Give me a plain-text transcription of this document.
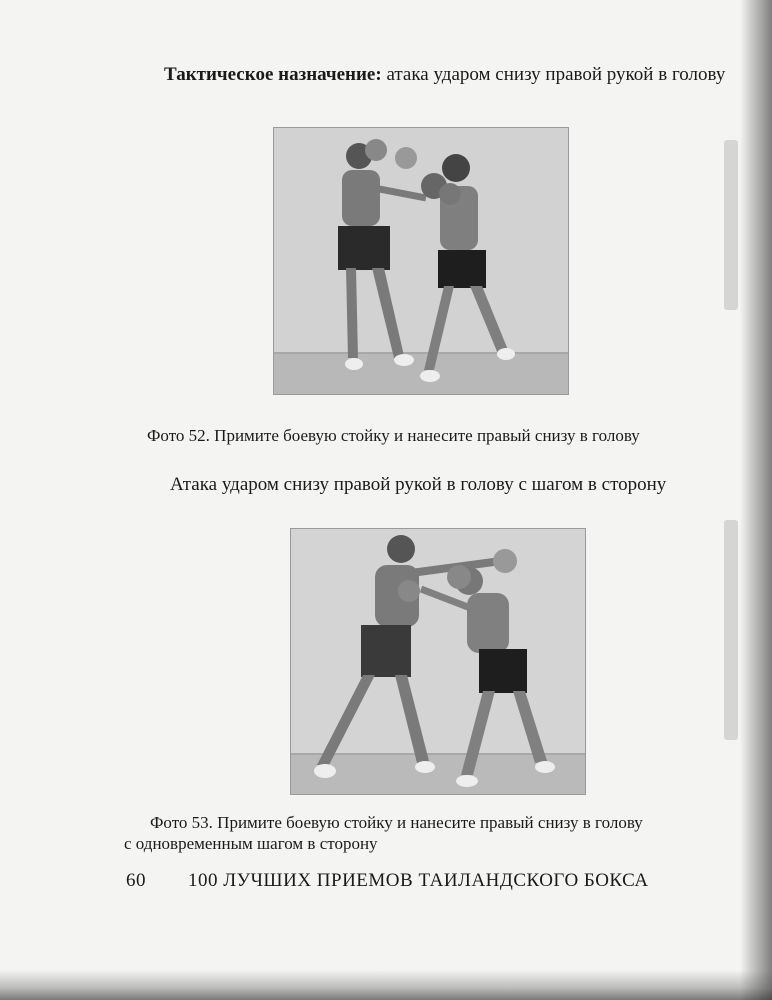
Тактическое назначение: атака ударом снизу правой рукой в голову
Фото 52. Примите боевую стойку и нанесите правый снизу в голову
Атака ударом снизу правой рукой в голову с шагом в сторону
Фото 53. Примите боевую стойку и нанесите правый снизу в голову
с одновременным шагом в сторону
60 100 ЛУЧШИХ ПРИЕМОВ ТАИЛАНДСКОГО БОКСА
